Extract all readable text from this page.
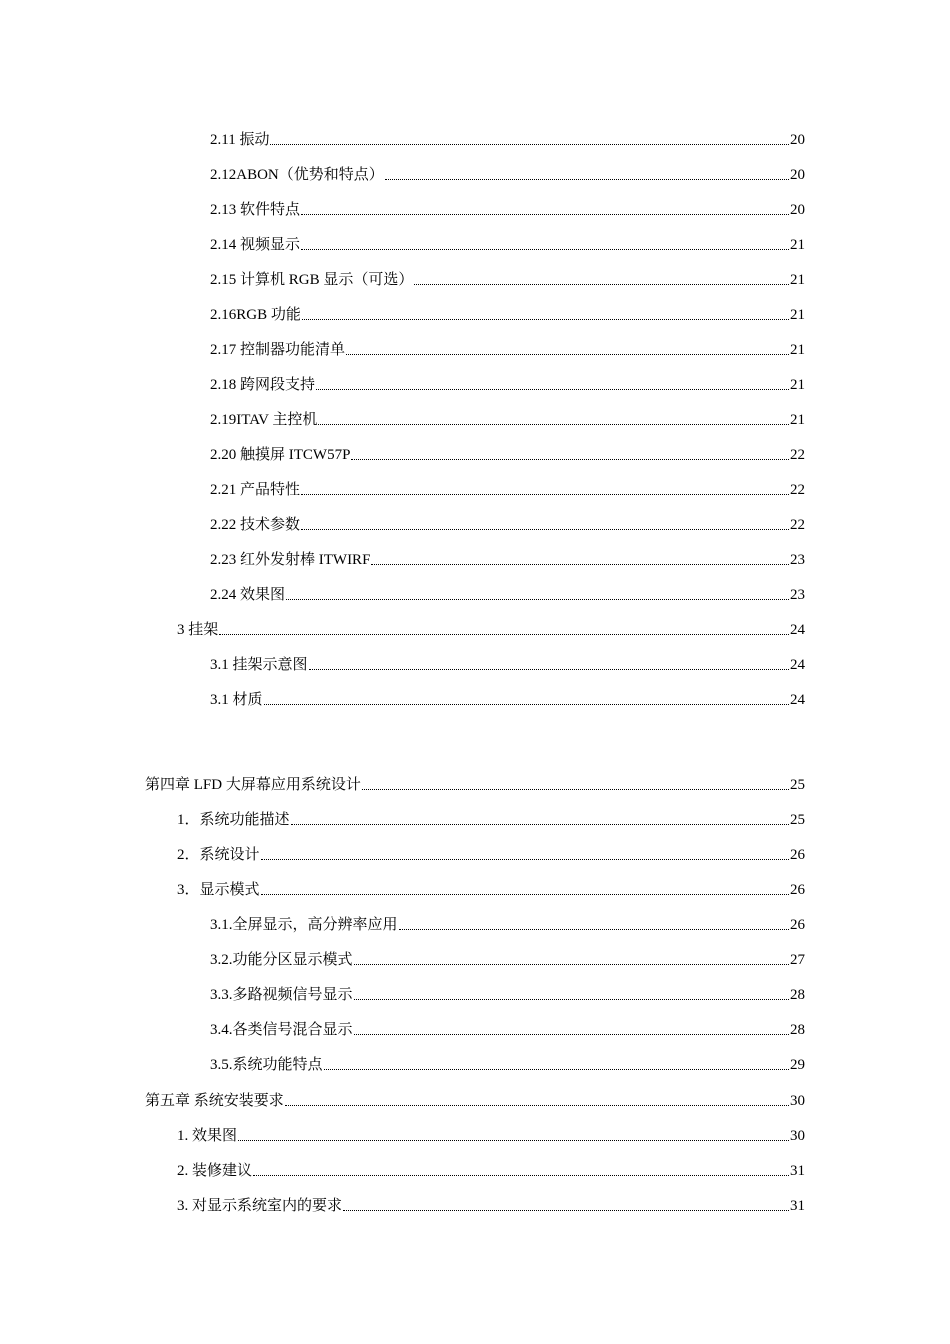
2.11 振动	20
2.12ABON（优势和特点）	20
2.13 软件特点	20
2.14 视频显示	21
2.15 计算机 RGB 显示（可选）	21
2.16RGB 功能	21
2.17 控制器功能清单	21
2.18 跨网段支持	21
2.19ITAV 主控机	21
2.20 触摸屏 ITCW57P	22
2.21 产品特性	22
2.22 技术参数	22
2.23 红外发射棒 ITWIRF	23
2.24 效果图	23
3 挂架	24
3.1 挂架示意图	24
3.1 材质	24
第四章 LFD 大屏幕应用系统设计	25
1．系统功能描述	25
2．系统设计	26
3．显示模式	26
3.1.全屏显示，高分辨率应用	26
3.2.功能分区显示模式	27
3.3.多路视频信号显示	28
3.4.各类信号混合显示	28
3.5.系统功能特点	29
第五章 系统安装要求	30
1. 效果图	30
2. 装修建议	31
3. 对显示系统室内的要求	31
